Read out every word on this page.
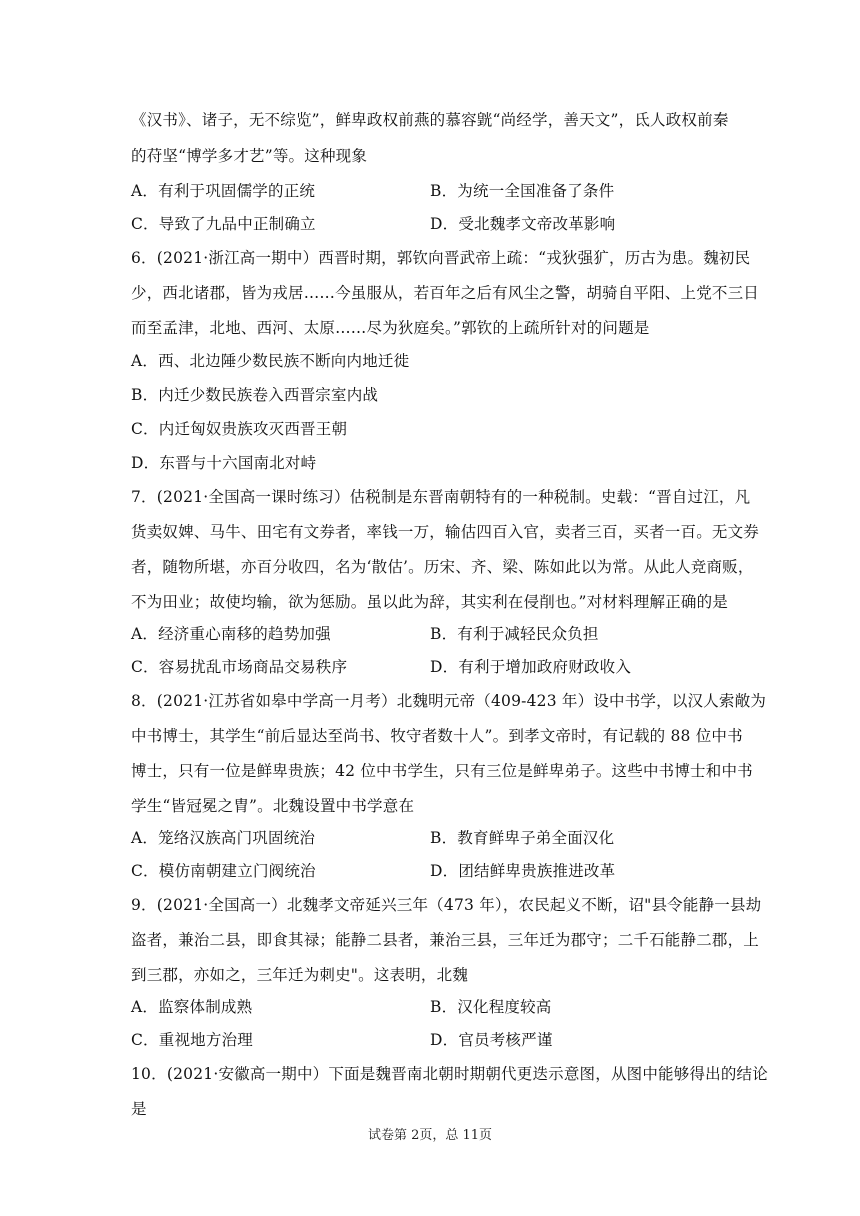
《汉书》、诸子，无不综览”，鲜卑政权前燕的慕容皝“尚经学，善天文”，氐人政权前秦
的苻坚“博学多才艺”等。这种现象
A．有利于巩固儒学的正统	B．为统一全国准备了条件
C．导致了九品中正制确立	D．受北魏孝文帝改革影响
6．(2021·浙江高一期中）西晋时期，郭钦向晋武帝上疏：“戎狄强犷，历古为患。魏初民
少，西北诸郡，皆为戎居……今虽服从，若百年之后有风尘之警，胡骑自平阳、上党不三日
而至孟津，北地、西河、太原……尽为狄庭矣。”郭钦的上疏所针对的问题是
A．西、北边陲少数民族不断向内地迁徙
B．内迁少数民族卷入西晋宗室内战
C．内迁匈奴贵族攻灭西晋王朝
D．东晋与十六国南北对峙
7．(2021·全国高一课时练习）估税制是东晋南朝特有的一种税制。史载：“晋自过江，凡
货卖奴婢、马牛、田宅有文券者，率钱一万，输估四百入官，卖者三百，买者一百。无文券
者，随物所堪，亦百分收四，名为‘散估’。历宋、齐、梁、陈如此以为常。从此人竞商贩，
不为田业；故使均输，欲为惩励。虽以此为辞，其实利在侵削也。”对材料理解正确的是
A．经济重心南移的趋势加强	B．有利于减轻民众负担
C．容易扰乱市场商品交易秩序	D．有利于增加政府财政收入
8．(2021·江苏省如皋中学高一月考）北魏明元帝（409-423 年）设中书学，以汉人索敞为
中书博士，其学生“前后显达至尚书、牧守者数十人”。到孝文帝时，有记载的 88 位中书
博士，只有一位是鲜卑贵族；42 位中书学生，只有三位是鲜卑弟子。这些中书博士和中书
学生“皆冠冕之胄”。北魏设置中书学意在
A．笼络汉族高门巩固统治	B．教育鲜卑子弟全面汉化
C．模仿南朝建立门阀统治	D．团结鲜卑贵族推进改革
9．(2021·全国高一）北魏孝文帝延兴三年（473 年），农民起义不断，诏"县令能静一县劫
盗者，兼治二县，即食其禄；能静二县者，兼治三县，三年迁为郡守；二千石能静二郡，上
到三郡，亦如之，三年迁为刺史"。这表明，北魏
A．监察体制成熟	B．汉化程度较高
C．重视地方治理	D．官员考核严谨
10．(2021·安徽高一期中）下面是魏晋南北朝时期朝代更迭示意图，从图中能够得出的结论
是
试卷第 2页，总 11页
